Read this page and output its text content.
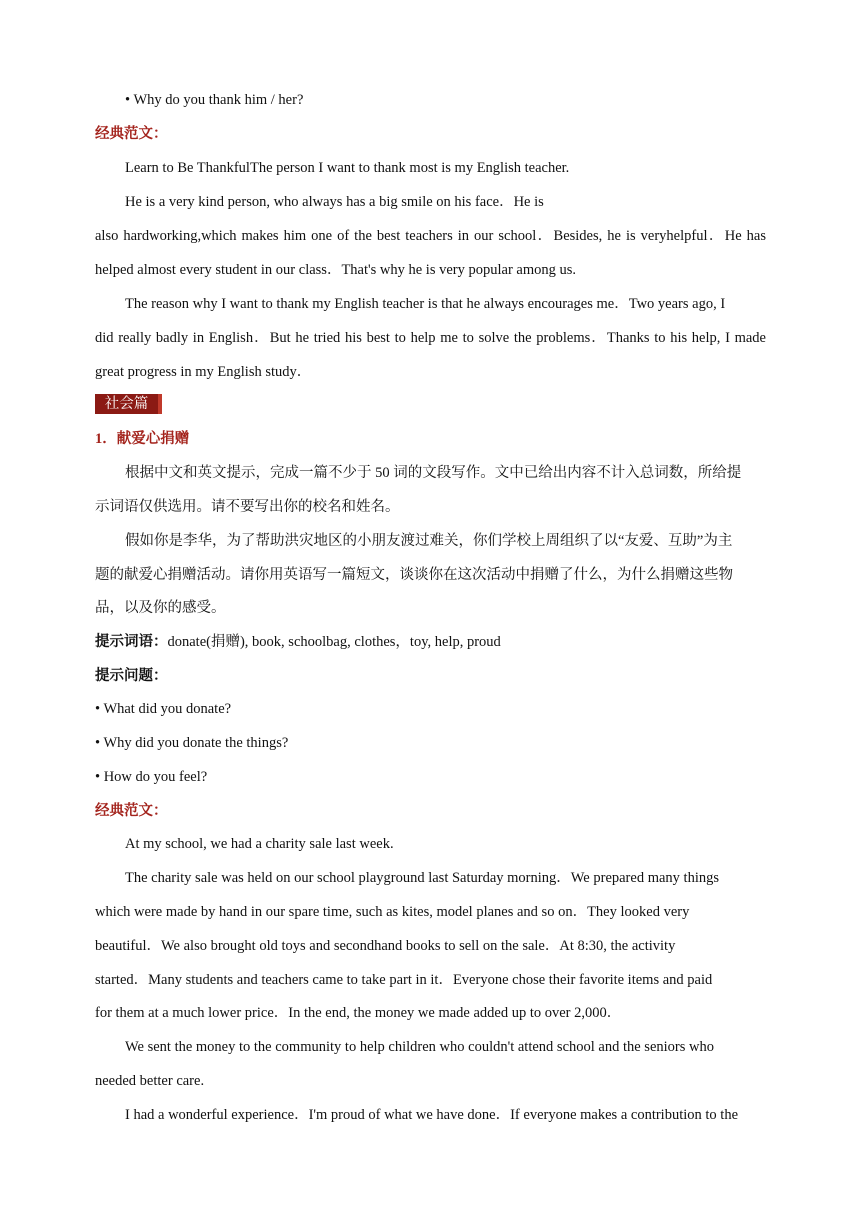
• Why do you thank him / her?
经典范文：
Learn to Be ThankfulThe person I want to thank most is my English teacher.
He is a very kind person, who always has a big smile on his face．He is
also hardworking,which makes him one of the best teachers in our school．Besides, he is veryhelpful．He has
helped almost every student in our class．That's why he is very popular among us.
The reason why I want to thank my English teacher is that he always encourages me．Two years ago, I
did really badly in English．But he tried his best to help me to solve the problems．Thanks to his help, I made
great progress in my English study．
社会篇
1．献爱心捐赠
根据中文和英文提示，完成一篇不少于 50 词的文段写作。文中已给出内容不计入总词数，所给提
示词语仅供选用。请不要写出你的校名和姓名。
假如你是李华，为了帮助洪灾地区的小朋友渡过难关，你们学校上周组织了以“友爱、互助”为主
题的献爱心捐赠活动。请你用英语写一篇短文，谈谈你在这次活动中捐赠了什么，为什么捐赠这些物
品，以及你的感受。
提示词语：donate(捐赠), book, schoolbag, clothes，toy, help, proud
提示问题：
• What did you donate?
• Why did you donate the things?
• How do you feel?
经典范文：
At my school, we had a charity sale last week.
The charity sale was held on our school playground last Saturday morning．We prepared many things
which were made by hand in our spare time, such as kites, model planes and so on．They looked very
beautiful．We also brought old toys and secondhand books to sell on the sale．At 8:30, the activity
started．Many students and teachers came to take part in it．Everyone chose their favorite items and paid
for them at a much lower price．In the end, the money we made added up to over 2,000．
We sent the money to the community to help children who couldn't attend school and the seniors who
needed better care.
I had a wonderful experience．I'm proud of what we have done．If everyone makes a contribution to the
